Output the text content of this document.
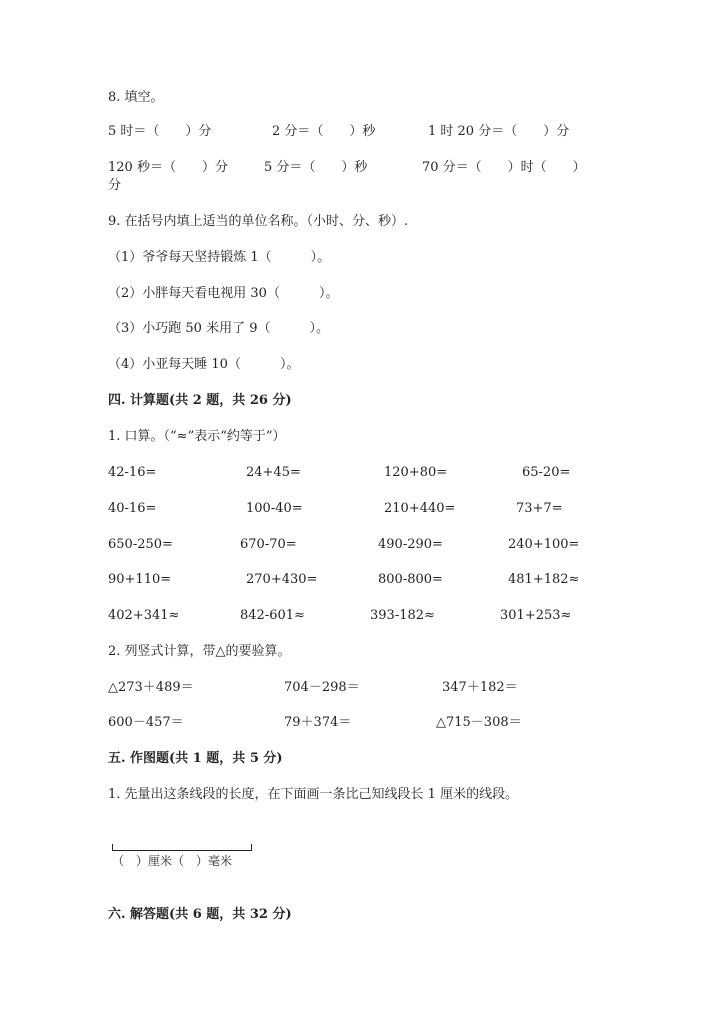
8. 填空。
5 时＝（　　）分	2 分＝（　　）秒	1 时 20 分＝（　　）分
120 秒＝（　　）分	5 分＝（　　）秒	70 分＝（　　）时（　　）
分
9. 在括号内填上适当的单位名称。（小时、分、秒）.
（1）爷爷每天坚持锻炼 1（　　　）。
（2）小胖每天看电视用 30（　　　）。
（3）小巧跑 50 米用了 9（　　　）。
（4）小亚每天睡 10（　　　）。
四. 计算题(共 2 题，共 26 分)
1. 口算。（“≈”表示“约等于”）
42-16=	24+45=	120+80=	65-20=
40-16=	100-40=	210+440=	73+7=
650-250=	670-70=	490-290=	240+100=
90+110=	270+430=	800-800=	481+182≈
402+341≈	842-601≈	393-182≈	301+253≈
2. 列竖式计算，带△的要验算。
△273＋489＝	704－298＝	347＋182＝
600－457＝	79＋374＝	△715－308＝
五. 作图题(共 1 题，共 5 分)
1. 先量出这条线段的长度，在下面画一条比己知线段长 1 厘米的线段。
（　）厘米（　）毫米
六. 解答题(共 6 题，共 32 分)
